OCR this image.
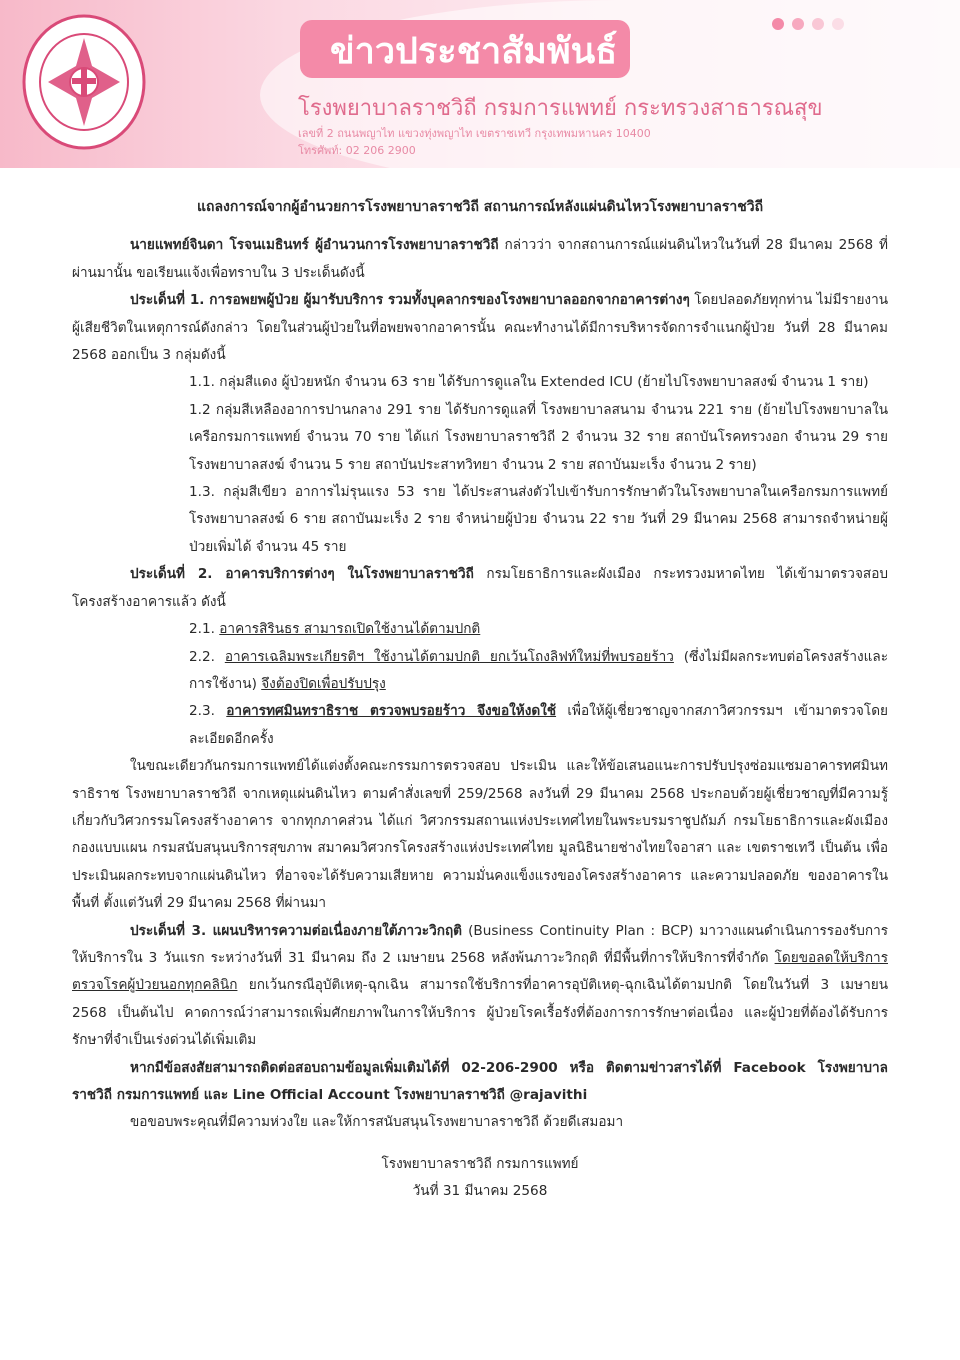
ข่าวประชาสัมพันธ์
โรงพยาบาลราชวิถี กรมการแพทย์ กระทรวงสาธารณสุข
เลขที่ 2 ถนนพญาไท แขวงทุ่งพญาไท เขตราชเทวี กรุงเทพมหานคร 10400
โทรศัพท์: 02 206 2900

แถลงการณ์จากผู้อำนวยการโรงพยาบาลราชวิถี สถานการณ์หลังแผ่นดินไหวโรงพยาบาลราชวิถี

นายแพทย์จินดา โรจนเมธินทร์ ผู้อำนวนการโรงพยาบาลราชวิถี กล่าวว่า จากสถานการณ์แผ่นดินไหวในวันที่ 28 มีนาคม 2568 ที่ผ่านมานั้น ขอเรียนแจ้งเพื่อทราบใน 3 ประเด็นดังนี้

ประเด็นที่ 1. การอพยพผู้ป่วย ผู้มารับบริการ รวมทั้งบุคลากรของโรงพยาบาลออกจากอาคารต่างๆ โดยปลอดภัยทุกท่าน ไม่มีรายงานผู้เสียชีวิตในเหตุการณ์ดังกล่าว โดยในส่วนผู้ป่วยในที่อพยพจากอาคารนั้น คณะทำงานได้มีการบริหารจัดการจำแนกผู้ป่วย วันที่ 28 มีนาคม 2568 ออกเป็น 3 กลุ่มดังนี้

1.1. กลุ่มสีแดง ผู้ป่วยหนัก จำนวน 63 ราย ได้รับการดูแลใน Extended ICU (ย้ายไปโรงพยาบาลสงฆ์ จำนวน 1 ราย)

1.2 กลุ่มสีเหลืองอาการปานกลาง 291 ราย ได้รับการดูแลที่ โรงพยาบาลสนาม จำนวน 221 ราย (ย้ายไปโรงพยาบาลในเครือกรมการแพทย์ จำนวน 70 ราย ได้แก่ โรงพยาบาลราชวิถี 2 จำนวน 32 ราย สถาบันโรคทรวงอก จำนวน 29 ราย โรงพยาบาลสงฆ์ จำนวน 5 ราย สถาบันประสาทวิทยา จำนวน 2 ราย สถาบันมะเร็ง จำนวน 2 ราย)

1.3. กลุ่มสีเขียว อาการไม่รุนแรง 53 ราย ได้ประสานส่งตัวไปเข้ารับการรักษาตัวในโรงพยาบาลในเครือกรมการแพทย์ โรงพยาบาลสงฆ์ 6 ราย สถาบันมะเร็ง 2 ราย จำหน่ายผู้ป่วย จำนวน 22 ราย วันที่ 29 มีนาคม 2568 สามารถจำหน่ายผู้ป่วยเพิ่มได้ จำนวน 45 ราย

ประเด็นที่ 2. อาคารบริการต่างๆ ในโรงพยาบาลราชวิถี กรมโยธาธิการและผังเมือง กระทรวงมหาดไทย ได้เข้ามาตรวจสอบโครงสร้างอาคารแล้ว ดังนี้

2.1. อาคารสิรินธร สามารถเปิดใช้งานได้ตามปกติ

2.2. อาคารเฉลิมพระเกียรติฯ ใช้งานได้ตามปกติ ยกเว้นโถงลิฟท์ใหม่ที่พบรอยร้าว (ซึ่งไม่มีผลกระทบต่อโครงสร้างและการใช้งาน) จึงต้องปิดเพื่อปรับปรุง

2.3. อาคารทศมินทราธิราช ตรวจพบรอยร้าว จึงขอให้งดใช้ เพื่อให้ผู้เชี่ยวชาญจากสภาวิศวกรรมฯ เข้ามาตรวจโดยละเอียดอีกครั้ง

ในขณะเดียวกันกรมการแพทย์ได้แต่งตั้งคณะกรรมการตรวจสอบ ประเมิน และให้ข้อเสนอแนะการปรับปรุงซ่อมแซมอาคารทศมินทราธิราช โรงพยาบาลราชวิถี จากเหตุแผ่นดินไหว ตามคำสั่งเลขที่ 259/2568 ลงวันที่ 29 มีนาคม 2568 ประกอบด้วยผู้เชี่ยวชาญที่มีความรู้เกี่ยวกับวิศวกรรมโครงสร้างอาคาร จากทุกภาคส่วน ได้แก่ วิศวกรรมสถานแห่งประเทศไทยในพระบรมราชูปถัมภ์ กรมโยธาธิการและผังเมือง กองแบบแผน กรมสนับสนุนบริการสุขภาพ สมาคมวิศวกรโครงสร้างแห่งประเทศไทย มูลนิธินายช่างไทยใจอาสา และ เขตราชเทวี เป็นต้น เพื่อประเมินผลกระทบจากแผ่นดินไหว ที่อาจจะได้รับความเสียหาย ความมั่นคงแข็งแรงของโครงสร้างอาคาร และความปลอดภัย ของอาคารในพื้นที่ ตั้งแต่วันที่ 29 มีนาคม 2568 ที่ผ่านมา

ประเด็นที่ 3. แผนบริหารความต่อเนื่องภายใต้ภาวะวิกฤติ (Business Continuity Plan : BCP) มาวางแผนดำเนินการรองรับการให้บริการใน 3 วันแรก ระหว่างวันที่ 31 มีนาคม ถึง 2 เมษายน 2568 หลังพ้นภาวะวิกฤติ ที่มีพื้นที่การให้บริการที่จำกัด โดยขอลดให้บริการตรวจโรคผู้ป่วยนอกทุกคลินิก ยกเว้นกรณีอุบัติเหตุ-ฉุกเฉิน สามารถใช้บริการที่อาคารอุบัติเหตุ-ฉุกเฉินได้ตามปกติ โดยในวันที่ 3 เมษายน 2568 เป็นต้นไป คาดการณ์ว่าสามารถเพิ่มศักยภาพในการให้บริการ ผู้ป่วยโรคเรื้อรังที่ต้องการการรักษาต่อเนื่อง และผู้ป่วยที่ต้องได้รับการรักษาที่จำเป็นเร่งด่วนได้เพิ่มเติม

หากมีข้อสงสัยสามารถติดต่อสอบถามข้อมูลเพิ่มเติมได้ที่ 02-206-2900 หรือ ติดตามข่าวสารได้ที่ Facebook โรงพยาบาลราชวิถี กรมการแพทย์ และ Line Official Account โรงพยาบาลราชวิถี @rajavithi

ขอขอบพระคุณที่มีความห่วงใย และให้การสนับสนุนโรงพยาบาลราชวิถี ด้วยดีเสมอมา

โรงพยาบาลราชวิถี กรมการแพทย์

วันที่ 31 มีนาคม 2568
